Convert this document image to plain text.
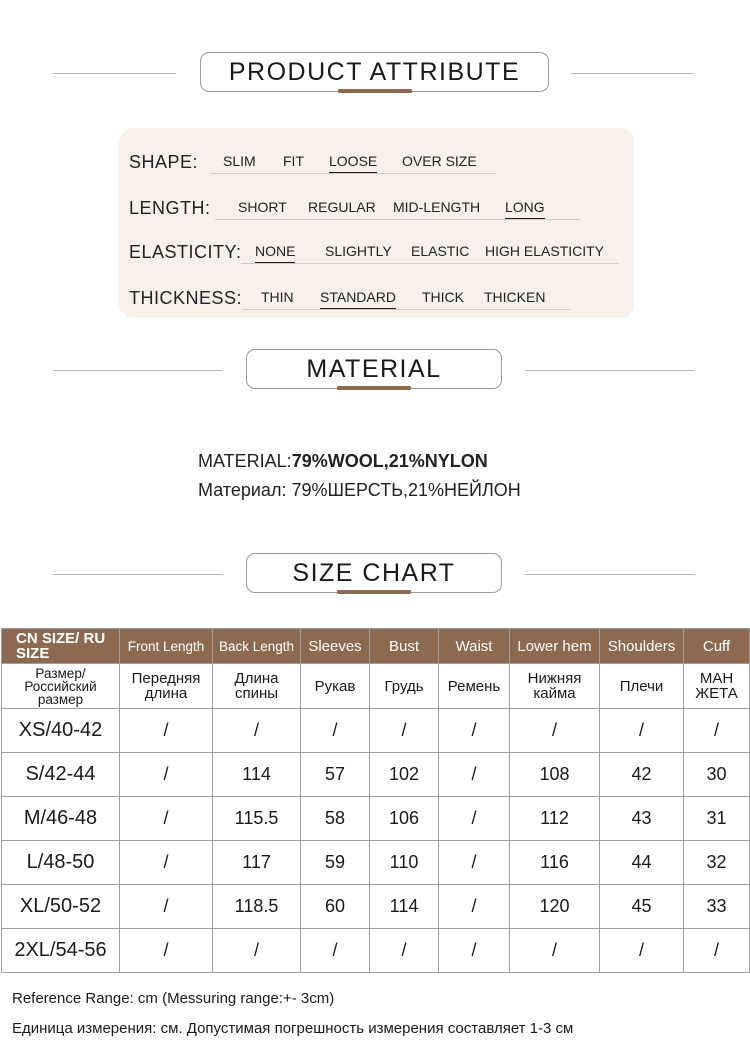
PRODUCT ATTRIBUTE
SHAPE: SLIM FIT LOOSE OVER SIZE
LENGTH: SHORT REGULAR MID-LENGTH LONG
ELASTICITY: NONE SLIGHTLY ELASTIC HIGH ELASTICITY
THICKNESS: THIN STANDARD THICK THICKEN
MATERIAL
MATERIAL:79%WOOL,21%NYLON
Материал: 79%ШЕРСТЬ,21%НЕЙЛОН
SIZE CHART
CN SIZE/ RU SIZE	Front Length	Back Length	Sleeves	Bust	Waist	Lower hem	Shoulders	Cuff
Размер/ Российский размер	Передняя длина	Длина спины	Рукав	Грудь	Ремень	Нижняя кайма	Плечи	МАН ЖЕТА
XS/40-42	/	/	/	/	/	/	/	/
S/42-44	/	114	57	102	/	108	42	30
M/46-48	/	115.5	58	106	/	112	43	31
L/48-50	/	117	59	110	/	116	44	32
XL/50-52	/	118.5	60	114	/	120	45	33
2XL/54-56	/	/	/	/	/	/	/	/
Reference Range: cm (Messuring range:+- 3cm)
Единица измерения: см. Допустимая погрешность измерения составляет 1-3 см
